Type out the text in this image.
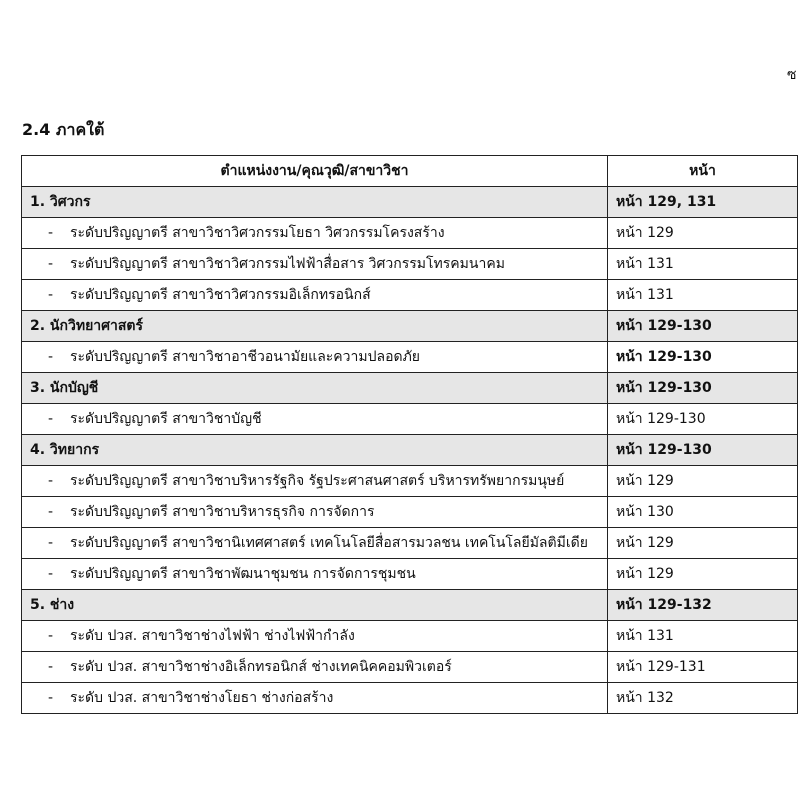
ซ
2.4 ภาคใต้
ตำแหน่งงาน/คุณวุฒิ/สาขาวิชา	หน้า
1. วิศวกร	หน้า 129, 131
- ระดับปริญญาตรี สาขาวิชาวิศวกรรมโยธา วิศวกรรมโครงสร้าง	หน้า 129
- ระดับปริญญาตรี สาขาวิชาวิศวกรรมไฟฟ้าสื่อสาร วิศวกรรมโทรคมนาคม	หน้า 131
- ระดับปริญญาตรี สาขาวิชาวิศวกรรมอิเล็กทรอนิกส์	หน้า 131
2. นักวิทยาศาสตร์	หน้า 129-130
- ระดับปริญญาตรี สาขาวิชาอาชีวอนามัยและความปลอดภัย	หน้า 129-130
3. นักบัญชี	หน้า 129-130
- ระดับปริญญาตรี สาขาวิชาบัญชี	หน้า 129-130
4. วิทยากร	หน้า 129-130
- ระดับปริญญาตรี สาขาวิชาบริหารรัฐกิจ รัฐประศาสนศาสตร์ บริหารทรัพยากรมนุษย์	หน้า 129
- ระดับปริญญาตรี สาขาวิชาบริหารธุรกิจ การจัดการ	หน้า 130
- ระดับปริญญาตรี สาขาวิชานิเทศศาสตร์ เทคโนโลยีสื่อสารมวลชน เทคโนโลยีมัลติมีเดีย	หน้า 129
- ระดับปริญญาตรี สาขาวิชาพัฒนาชุมชน การจัดการชุมชน	หน้า 129
5. ช่าง	หน้า 129-132
- ระดับ ปวส. สาขาวิชาช่างไฟฟ้า ช่างไฟฟ้ากำลัง	หน้า 131
- ระดับ ปวส. สาขาวิชาช่างอิเล็กทรอนิกส์ ช่างเทคนิคคอมพิวเตอร์	หน้า 129-131
- ระดับ ปวส. สาขาวิชาช่างโยธา ช่างก่อสร้าง	หน้า 132
